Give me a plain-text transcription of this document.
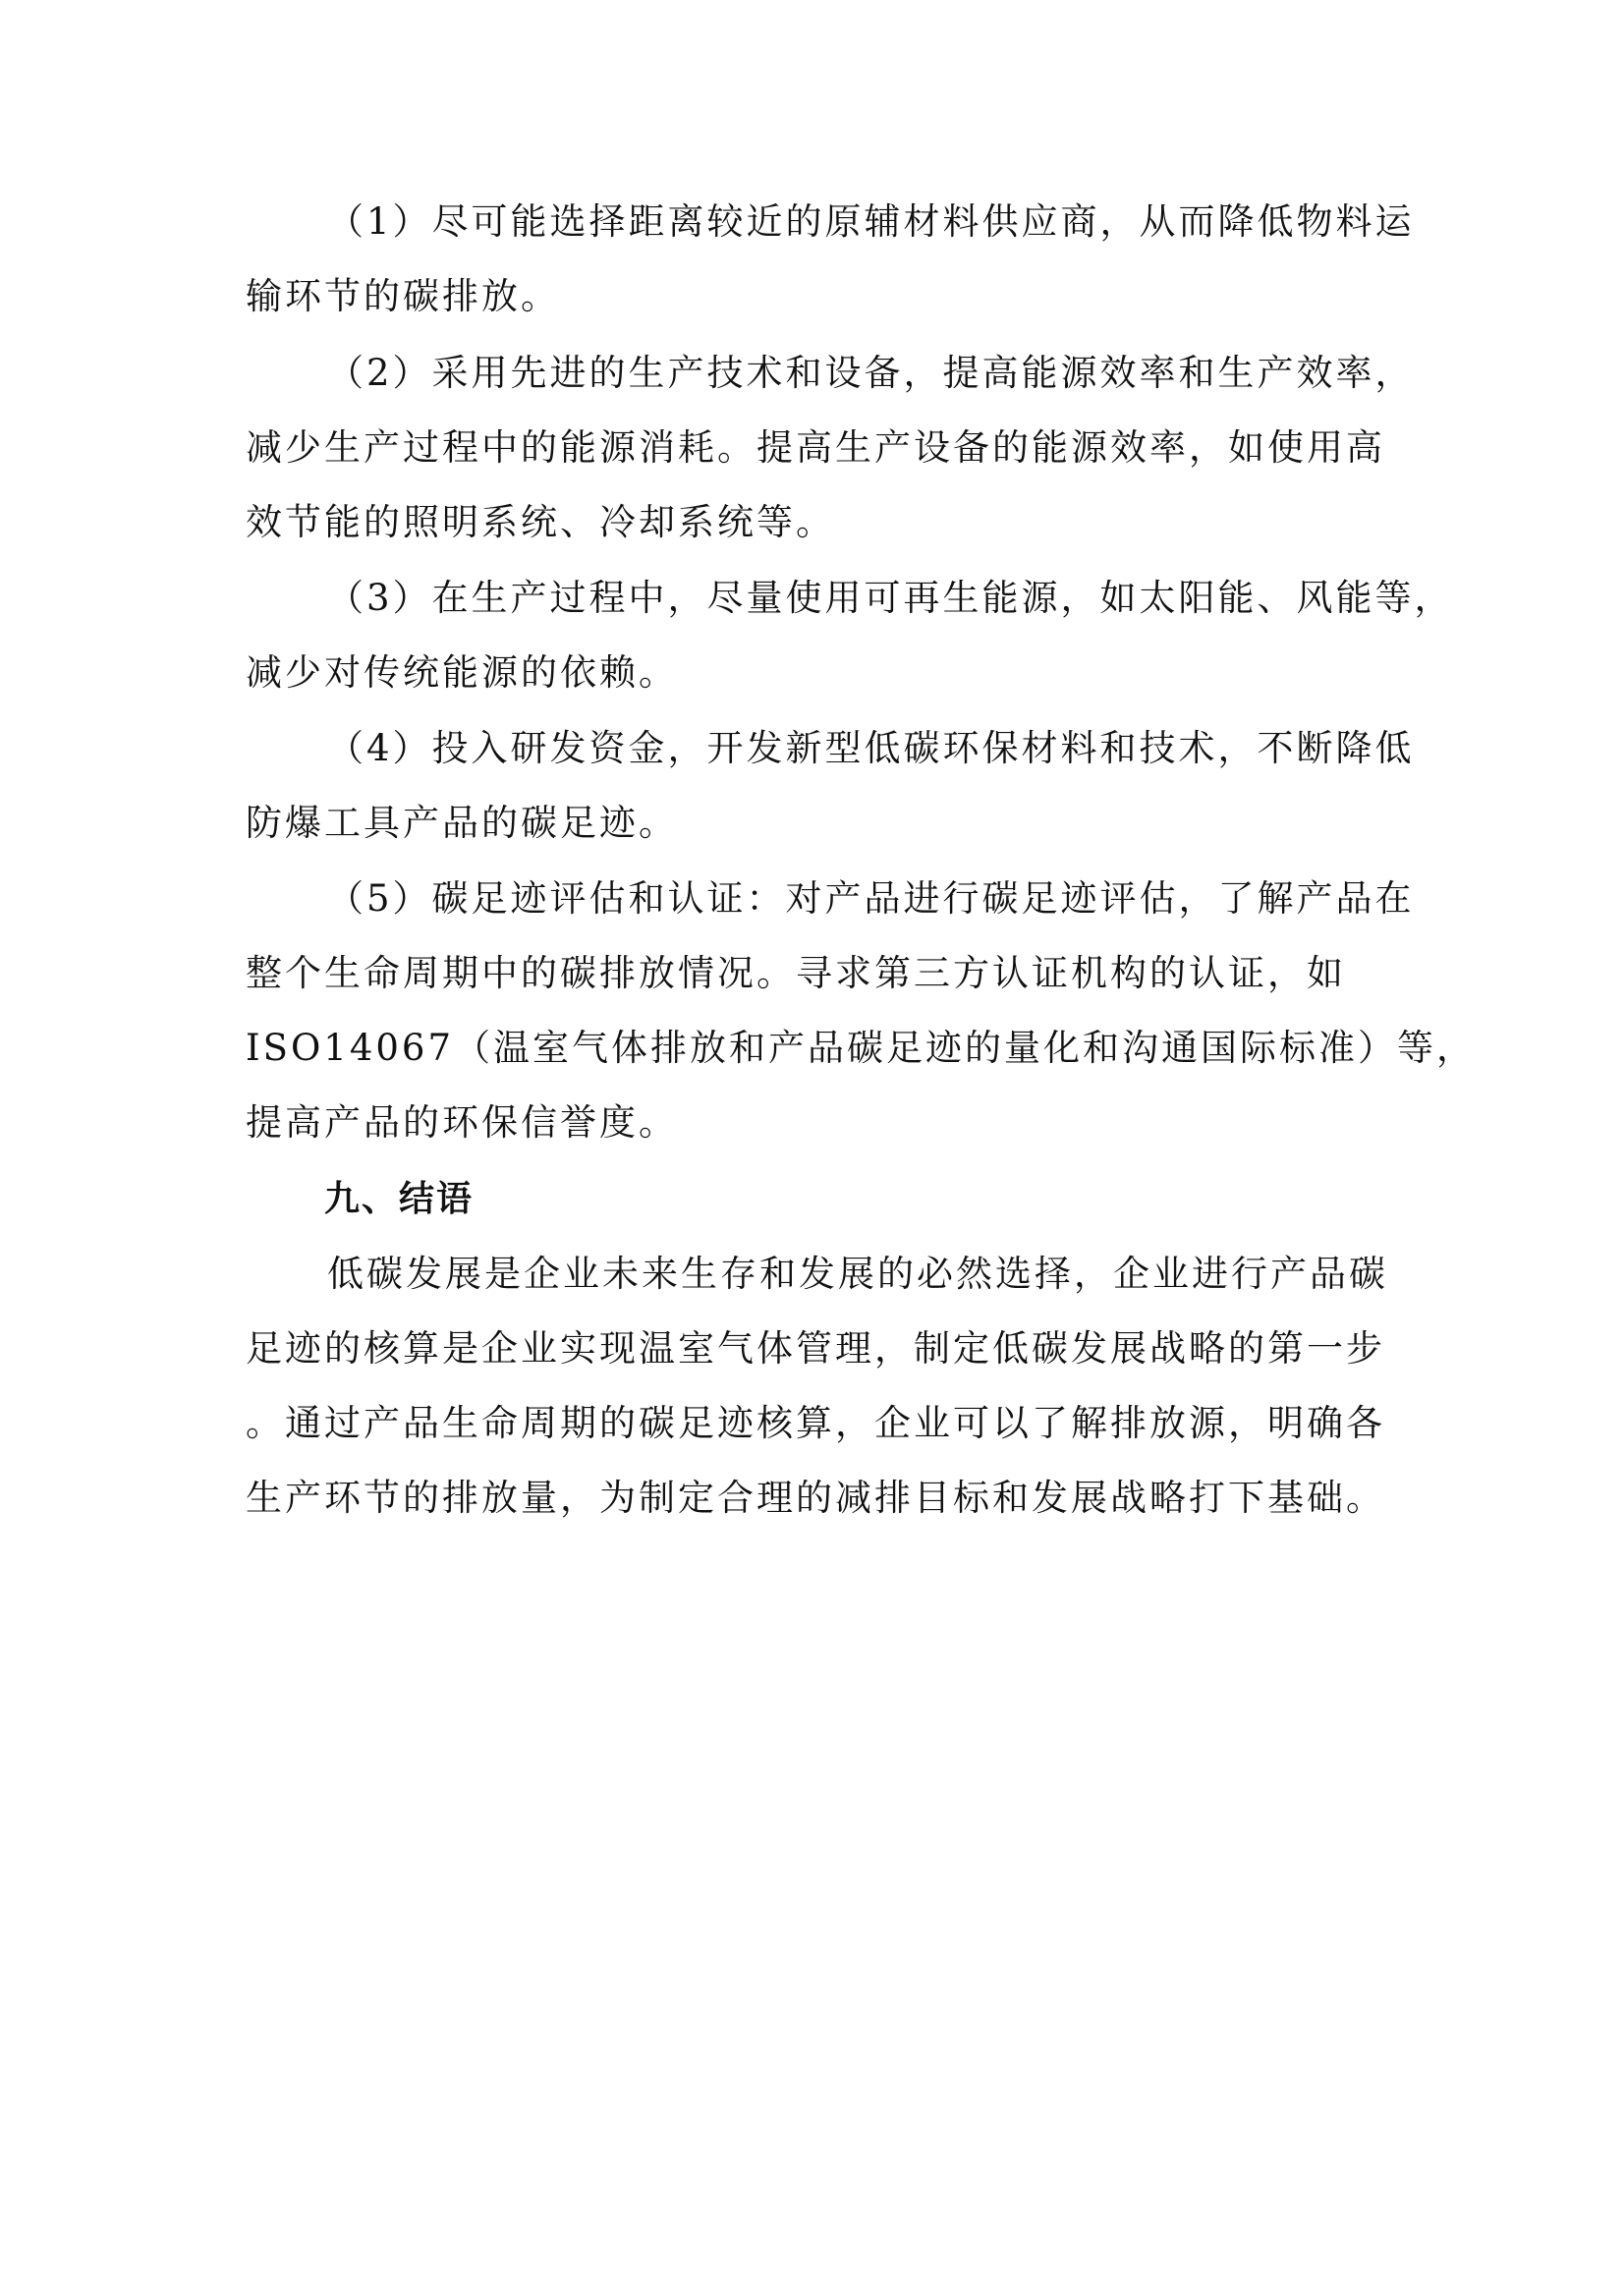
（1）尽可能选择距离较近的原辅材料供应商，从而降低物料运

输环节的碳排放。

（2）采用先进的生产技术和设备，提高能源效率和生产效率，

减少生产过程中的能源消耗。提高生产设备的能源效率，如使用高

效节能的照明系统、冷却系统等。

（3）在生产过程中，尽量使用可再生能源，如太阳能、风能等，

减少对传统能源的依赖。

（4）投入研发资金，开发新型低碳环保材料和技术，不断降低

防爆工具产品的碳足迹。

（5）碳足迹评估和认证：对产品进行碳足迹评估，了解产品在

整个生命周期中的碳排放情况。寻求第三方认证机构的认证，如

ISO14067（温室气体排放和产品碳足迹的量化和沟通国际标准）等，

提高产品的环保信誉度。

九、结语

低碳发展是企业未来生存和发展的必然选择，企业进行产品碳

足迹的核算是企业实现温室气体管理，制定低碳发展战略的第一步

。通过产品生命周期的碳足迹核算，企业可以了解排放源，明确各

生产环节的排放量，为制定合理的减排目标和发展战略打下基础。
